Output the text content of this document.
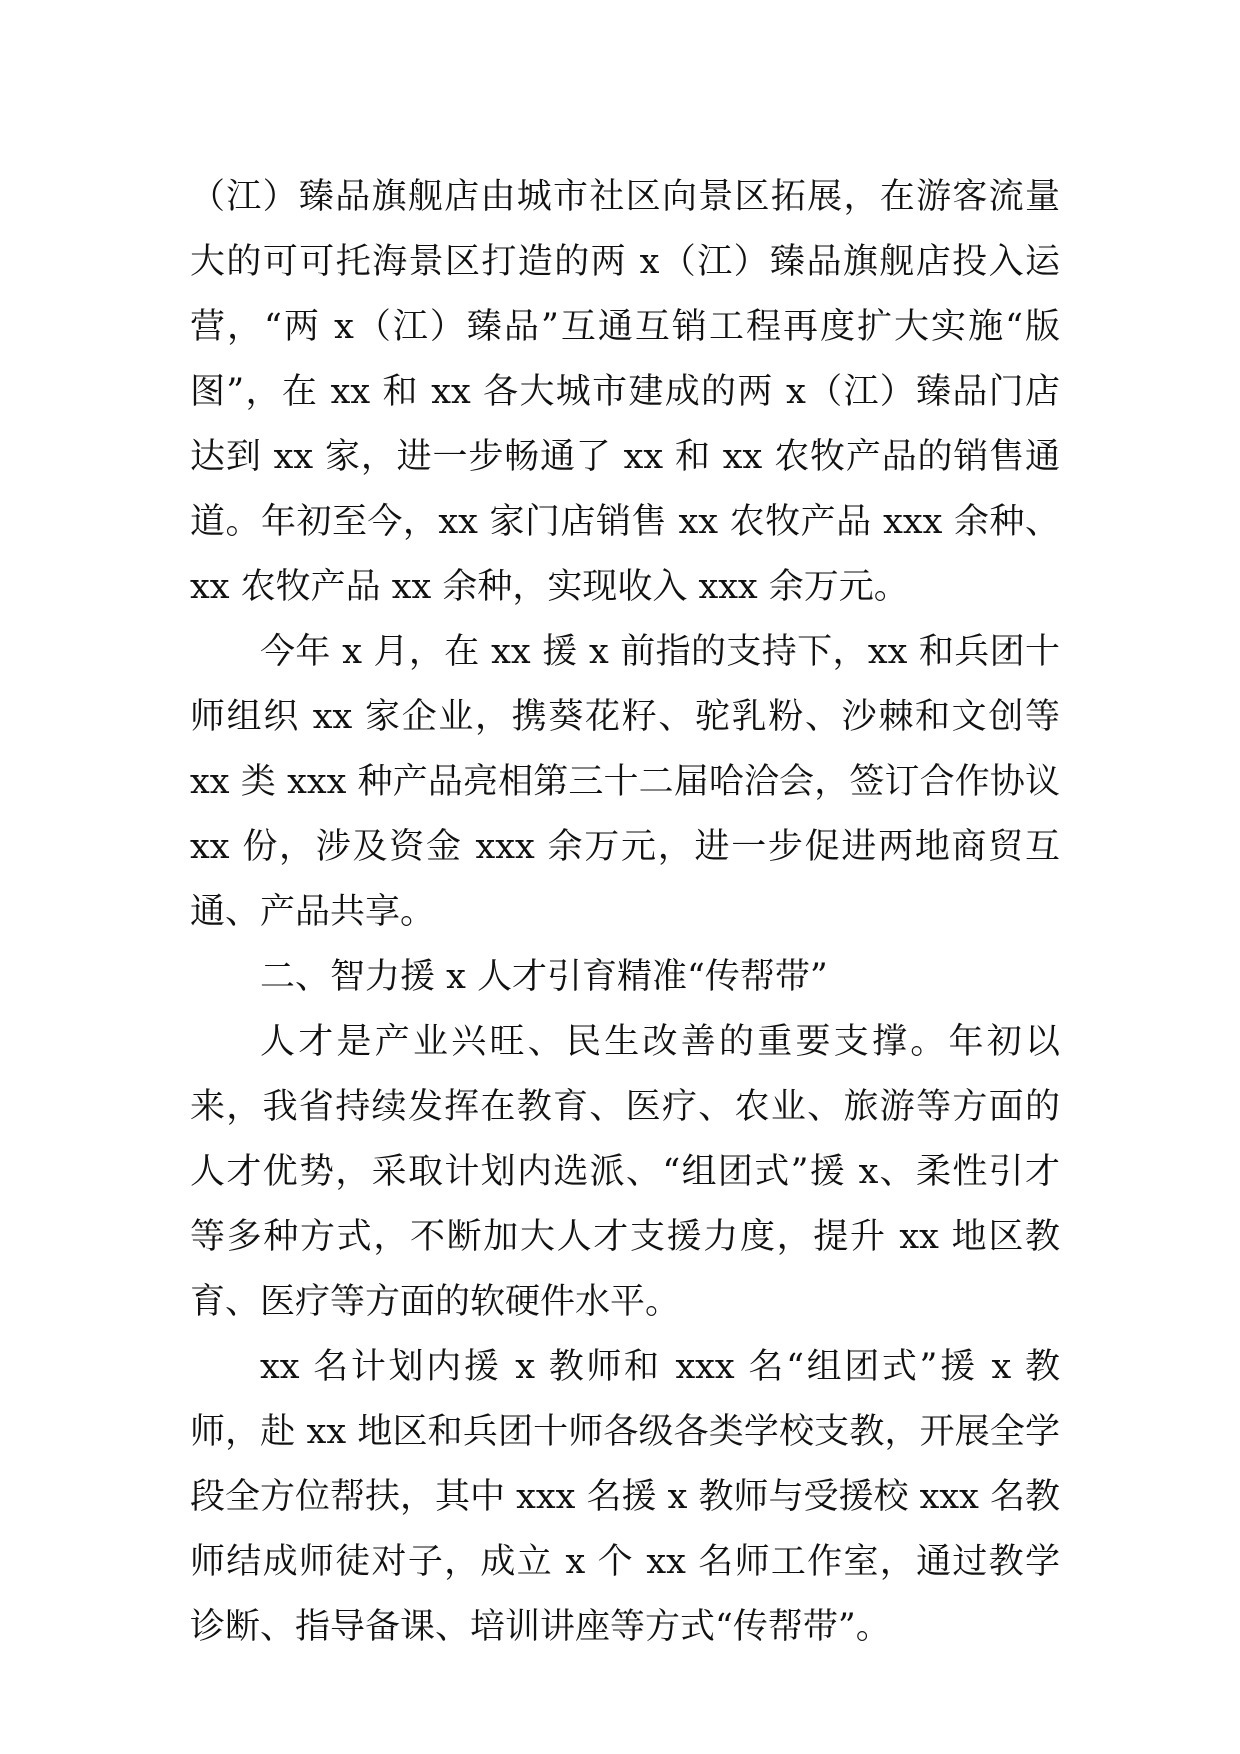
（江）臻品旗舰店由城市社区向景区拓展，在游客流量大的可可托海景区打造的两 x（江）臻品旗舰店投入运营，“两 x（江）臻品”互通互销工程再度扩大实施“版图”，在 xx 和 xx 各大城市建成的两 x（江）臻品门店达到 xx 家，进一步畅通了 xx 和 xx 农牧产品的销售通道。年初至今，xx 家门店销售 xx 农牧产品 xxx 余种、xx 农牧产品 xx 余种，实现收入 xxx 余万元。

今年 x 月，在 xx 援 x 前指的支持下，xx 和兵团十师组织 xx 家企业，携葵花籽、驼乳粉、沙棘和文创等 xx 类 xxx 种产品亮相第三十二届哈洽会，签订合作协议 xx 份，涉及资金 xxx 余万元，进一步促进两地商贸互通、产品共享。

二、智力援 x 人才引育精准“传帮带”

人才是产业兴旺、民生改善的重要支撑。年初以来，我省持续发挥在教育、医疗、农业、旅游等方面的人才优势，采取计划内选派、“组团式”援 x、柔性引才等多种方式，不断加大人才支援力度，提升 xx 地区教育、医疗等方面的软硬件水平。

xx 名计划内援 x 教师和 xxx 名“组团式”援 x 教师，赴 xx 地区和兵团十师各级各类学校支教，开展全学段全方位帮扶，其中 xxx 名援 x 教师与受援校 xxx 名教师结成师徒对子，成立 x 个 xx 名师工作室，通过教学诊断、指导备课、培训讲座等方式“传帮带”。
